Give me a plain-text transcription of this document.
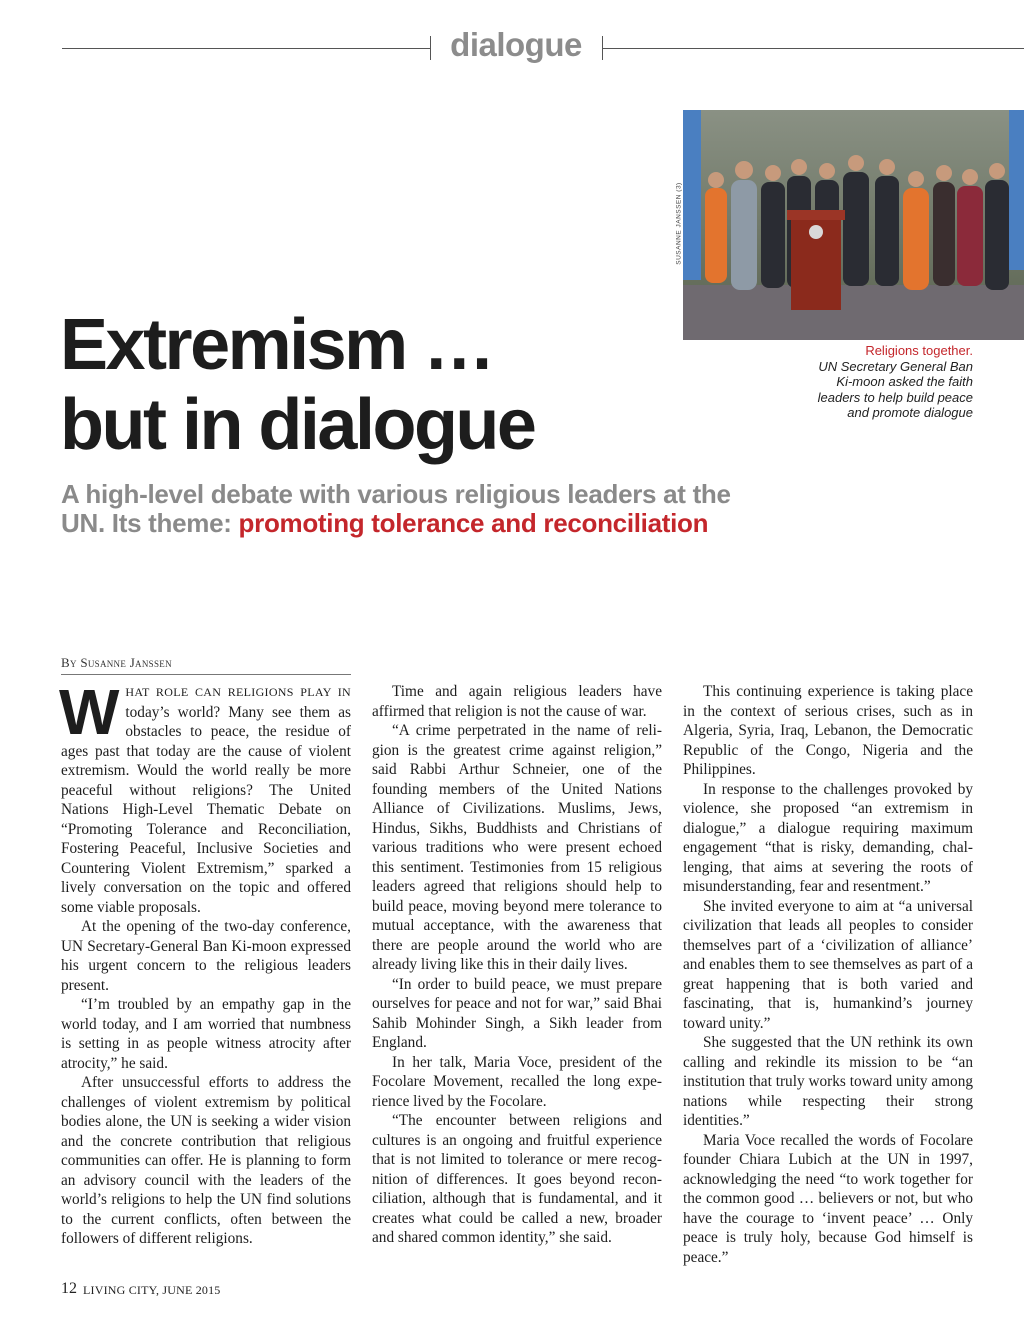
dialogue
SUSANNE JANSSEN (3)
Religions together.
UN Secretary General Ban
Ki-moon asked the faith
leaders to help build peace
and promote dialogue
Extremism …
but in dialogue

A high-level debate with various religious leaders at the UN. Its theme: promoting tolerance and reconciliation

By Susanne Janssen

WHAT ROLE CAN RELIGIONS PLAY IN today’s world? Many see them as obstacles to peace, the residue of ages past that today are the cause of violent extremism. Would the world really be more peaceful without religions? The United Nations High-Level Thematic Debate on “Promoting Tolerance and Reconciliation, Fostering Peaceful, Inclusive Societies and Countering Violent Extremism,” sparked a lively conversation on the topic and offered some viable proposals.

At the opening of the two-day conference, UN Secretary-General Ban Ki-moon expressed his urgent concern to the religious leaders present.

“I’m troubled by an empathy gap in the world today, and I am worried that numbness is setting in as people witness atrocity after atrocity,” he said.

After unsuccessful efforts to address the challenges of violent extremism by political bodies alone, the UN is seeking a wider vision and the concrete contribution that religious communities can offer. He is planning to form an advisory council with the leaders of the world’s religions to help the UN find solutions to the current conflicts, often between the followers of different religions.

Time and again religious leaders have affirmed that religion is not the cause of war.

“A crime perpetrated in the name of religion is the greatest crime against religion,” said Rabbi Arthur Schneier, one of the founding members of the United Nations Alliance of Civilizations. Muslims, Jews, Hindus, Sikhs, Buddhists and Christians of various traditions who were present echoed this sentiment. Testimonies from 15 religious leaders agreed that religions should help to build peace, moving beyond mere tolerance to mutual acceptance, with the awareness that there are people around the world who are already living like this in their daily lives.

“In order to build peace, we must prepare ourselves for peace and not for war,” said Bhai Sahib Mohinder Singh, a Sikh leader from England.

In her talk, Maria Voce, president of the Focolare Movement, recalled the long experience lived by the Focolare.

“The encounter between religions and cultures is an ongoing and fruitful experience that is not limited to tolerance or mere recognition of differences. It goes beyond reconciliation, although that is fundamental, and it creates what could be called a new, broader and shared common identity,” she said.

This continuing experience is taking place in the context of serious crises, such as in Algeria, Syria, Iraq, Lebanon, the Democratic Republic of the Congo, Nigeria and the Philippines.

In response to the challenges provoked by violence, she proposed “an extremism in dialogue,” a dialogue requiring maximum engagement “that is risky, demanding, challenging, that aims at severing the roots of misunderstanding, fear and resentment.”

She invited everyone to aim at “a universal civilization that leads all peoples to consider themselves part of a ‘civilization of alliance’ and enables them to see themselves as part of a great happening that is both varied and fascinating, that is, humankind’s journey toward unity.”

She suggested that the UN rethink its own calling and rekindle its mission to be “an institution that truly works toward unity among nations while respecting their strong identities.”

Maria Voce recalled the words of Focolare founder Chiara Lubich at the UN in 1997, acknowledging the need “to work together for the common good … believers or not, but who have the courage to ‘invent peace’ … Only peace is truly holy, because God himself is peace.”

12 LIVING CITY, JUNE 2015
